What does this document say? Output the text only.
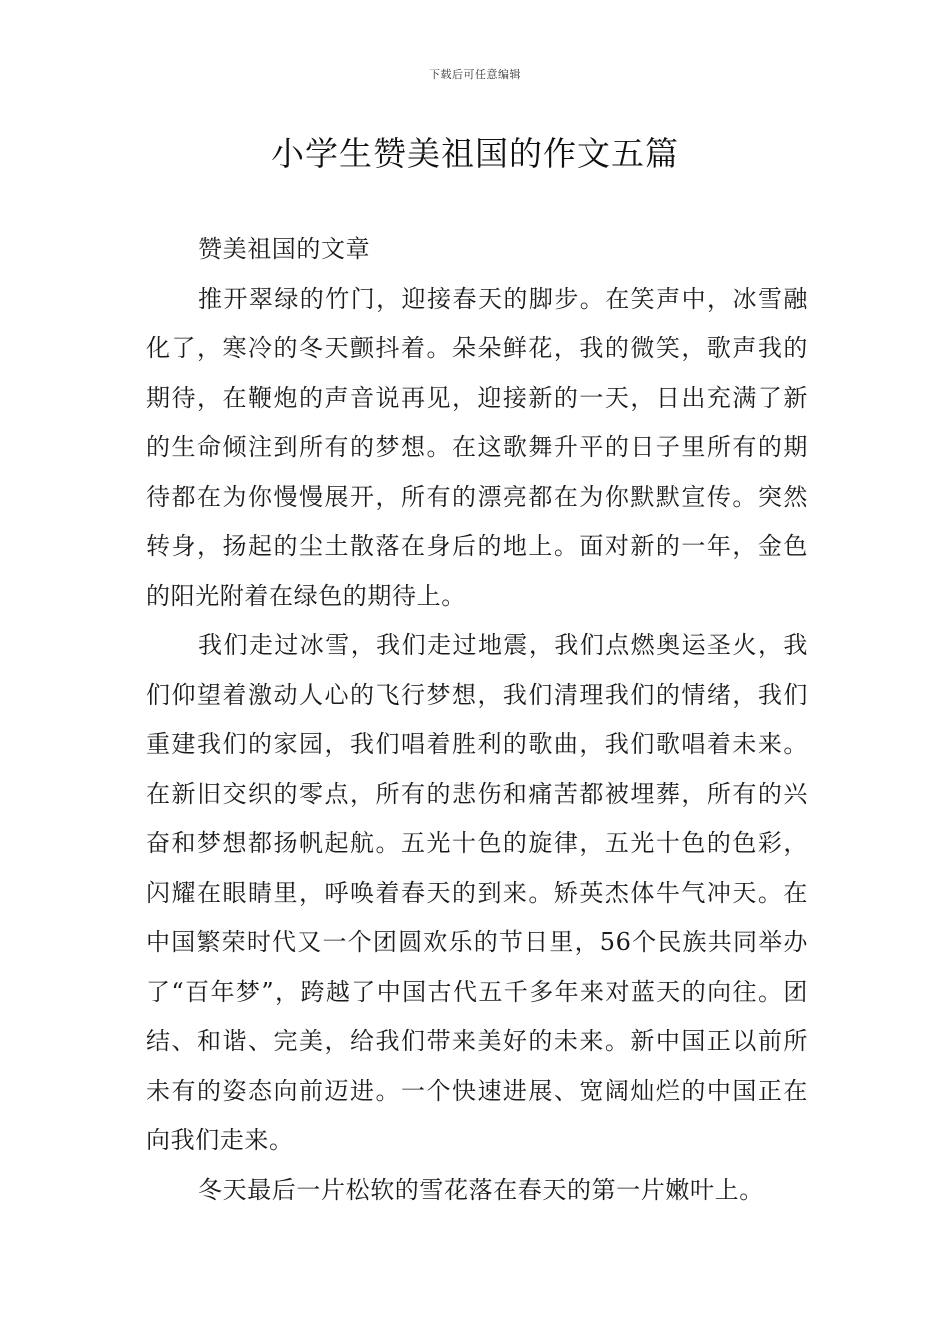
下载后可任意编辑
小学生赞美祖国的作文五篇

赞美祖国的文章

推开翠绿的竹门，迎接春天的脚步。在笑声中，冰雪融化了，寒冷的冬天颤抖着。朵朵鲜花，我的微笑，歌声我的期待，在鞭炮的声音说再见，迎接新的一天，日出充满了新的生命倾注到所有的梦想。在这歌舞升平的日子里所有的期待都在为你慢慢展开，所有的漂亮都在为你默默宣传。突然转身，扬起的尘土散落在身后的地上。面对新的一年，金色的阳光附着在绿色的期待上。

我们走过冰雪，我们走过地震，我们点燃奥运圣火，我们仰望着激动人心的飞行梦想，我们清理我们的情绪，我们重建我们的家园，我们唱着胜利的歌曲，我们歌唱着未来。在新旧交织的零点，所有的悲伤和痛苦都被埋葬，所有的兴奋和梦想都扬帆起航。五光十色的旋律，五光十色的色彩，闪耀在眼睛里，呼唤着春天的到来。矫英杰体牛气冲天。在中国繁荣时代又一个团圆欢乐的节日里，56个民族共同举办了“百年梦”，跨越了中国古代五千多年来对蓝天的向往。团结、和谐、完美，给我们带来美好的未来。新中国正以前所未有的姿态向前迈进。一个快速进展、宽阔灿烂的中国正在向我们走来。

冬天最后一片松软的雪花落在春天的第一片嫩叶上。
